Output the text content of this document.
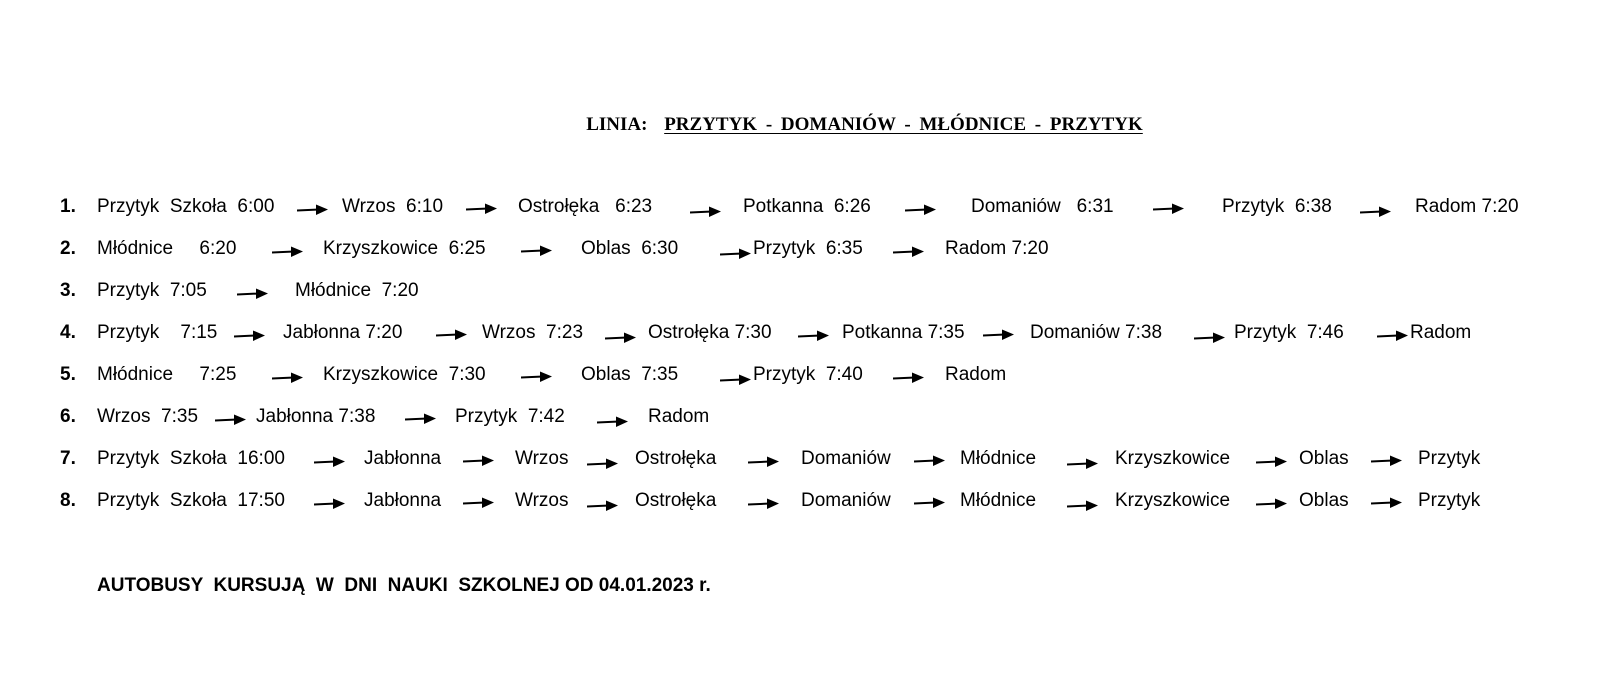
LINIA: PRZYTYK - DOMANIÓW - MŁÓDNICE - PRZYTYK
1. Przytyk  Szkoła  6:00	Wrzos  6:10	Ostrołęka   6:23	Potkanna  6:26	Domaniów   6:31	Przytyk  6:38	Radom 7:20
2. Młódnice     6:20	Krzyszkowice  6:25	Oblas  6:30	Przytyk  6:35	Radom 7:20
3. Przytyk  7:05	Młódnice  7:20
4. Przytyk    7:15	Jabłonna 7:20	Wrzos  7:23	Ostrołęka 7:30	Potkanna 7:35	Domaniów 7:38	Przytyk  7:46	Radom
5. Młódnice     7:25	Krzyszkowice  7:30	Oblas  7:35	Przytyk  7:40	Radom
6. Wrzos  7:35	Jabłonna 7:38	Przytyk  7:42	Radom
7. Przytyk  Szkoła  16:00	Jabłonna	Wrzos	Ostrołęka	Domaniów	Młódnice	Krzyszkowice	Oblas	Przytyk
8. Przytyk  Szkoła  17:50	Jabłonna	Wrzos	Ostrołęka	Domaniów	Młódnice	Krzyszkowice	Oblas	Przytyk
AUTOBUSY  KURSUJĄ  W  DNI  NAUKI  SZKOLNEJ OD 04.01.2023 r.
